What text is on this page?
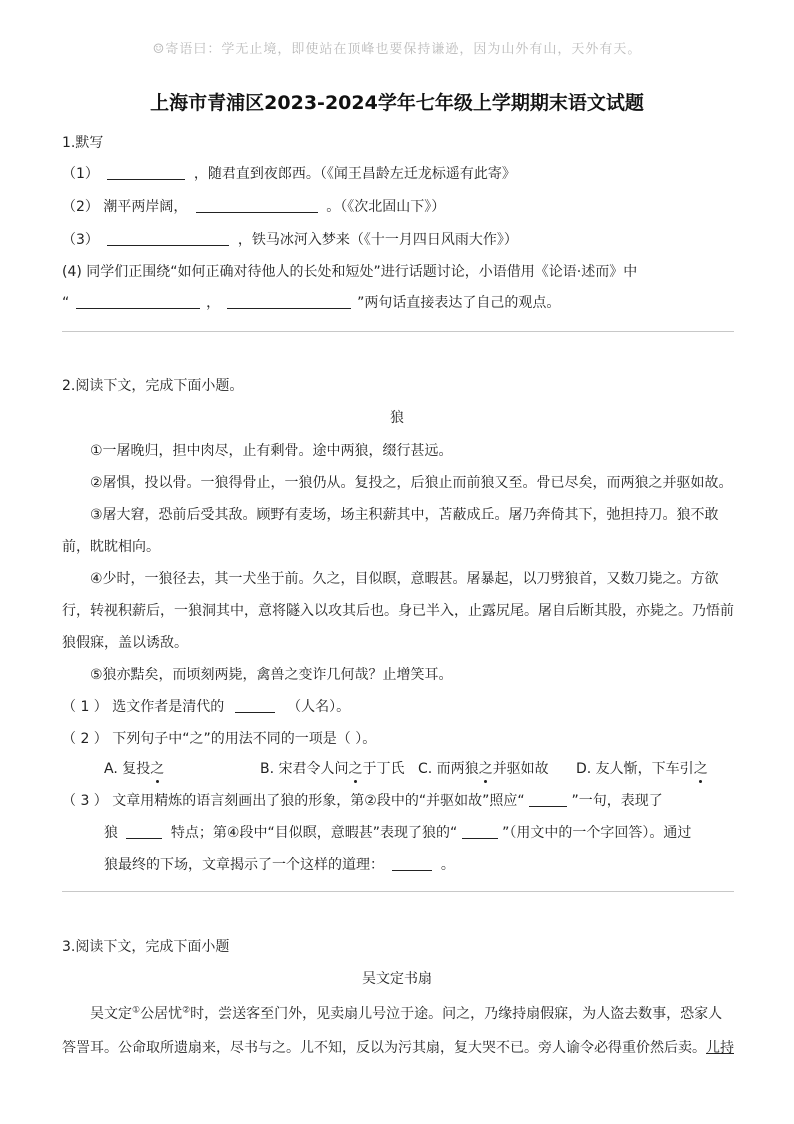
☺寄语曰：学无止境，即使站在顶峰也要保持谦逊，因为山外有山，天外有天。
上海市青浦区2023-2024学年七年级上学期期末语文试题
1.默写
（1）	，随君直到夜郎西。（《闻王昌龄左迁龙标遥有此寄》
（2） 潮平两岸阔，	。（《次北固山下》）
（3）	，铁马冰河入梦来（《十一月四日风雨大作》）
(4) 同学们正围绕“如何正确对待他人的长处和短处”进行话题讨论，小语借用《论语·述而》中
“	，	”两句话直接表达了自己的观点。
2.阅读下文，完成下面小题。
狼
①一屠晚归，担中肉尽，止有剩骨。途中两狼，缀行甚远。
②屠惧，投以骨。一狼得骨止，一狼仍从。复投之，后狼止而前狼又至。骨已尽矣，而两狼之并驱如故。
③屠大窘，恐前后受其敌。顾野有麦场，场主积薪其中，苫蔽成丘。屠乃奔倚其下，弛担持刀。狼不敢
前，眈眈相向。
④少时，一狼径去，其一犬坐于前。久之，目似瞑，意暇甚。屠暴起，以刀劈狼首，又数刀毙之。方欲
行，转视积薪后，一狼洞其中，意将隧入以攻其后也。身已半入，止露尻尾。屠自后断其股，亦毙之。乃悟前
狼假寐，盖以诱敌。
⑤狼亦黠矣，而顷刻两毙，禽兽之变诈几何哉？止增笑耳。
（ 1 ） 选文作者是清代的	（人名）。
（ 2 ） 下列句子中“之”的用法不同的一项是（ ）。
A. 复投之	B. 宋君令人问之于丁氏 C. 而两狼之并驱如故 D. 友人惭，下车引之
（ 3 ） 文章用精炼的语言刻画出了狼的形象，第②段中的“并驱如故”照应“	”一句，表现了
狼	特点；第④段中“目似瞑，意暇甚”表现了狼的“	”（用文中的一个字回答）。通过
狼最终的下场，文章揭示了一个这样的道理：	。
3.阅读下文，完成下面小题
吴文定书扇
吴文定①公居忧②时，尝送客至门外，见卖扇儿号泣于途。问之，乃缘持扇假寐，为人盗去数事，恐家人
答詈耳。公命取所遗扇来，尽书与之。儿不知，反以为污其扇，复大哭不已。旁人谕令必得重价然后卖。儿持
